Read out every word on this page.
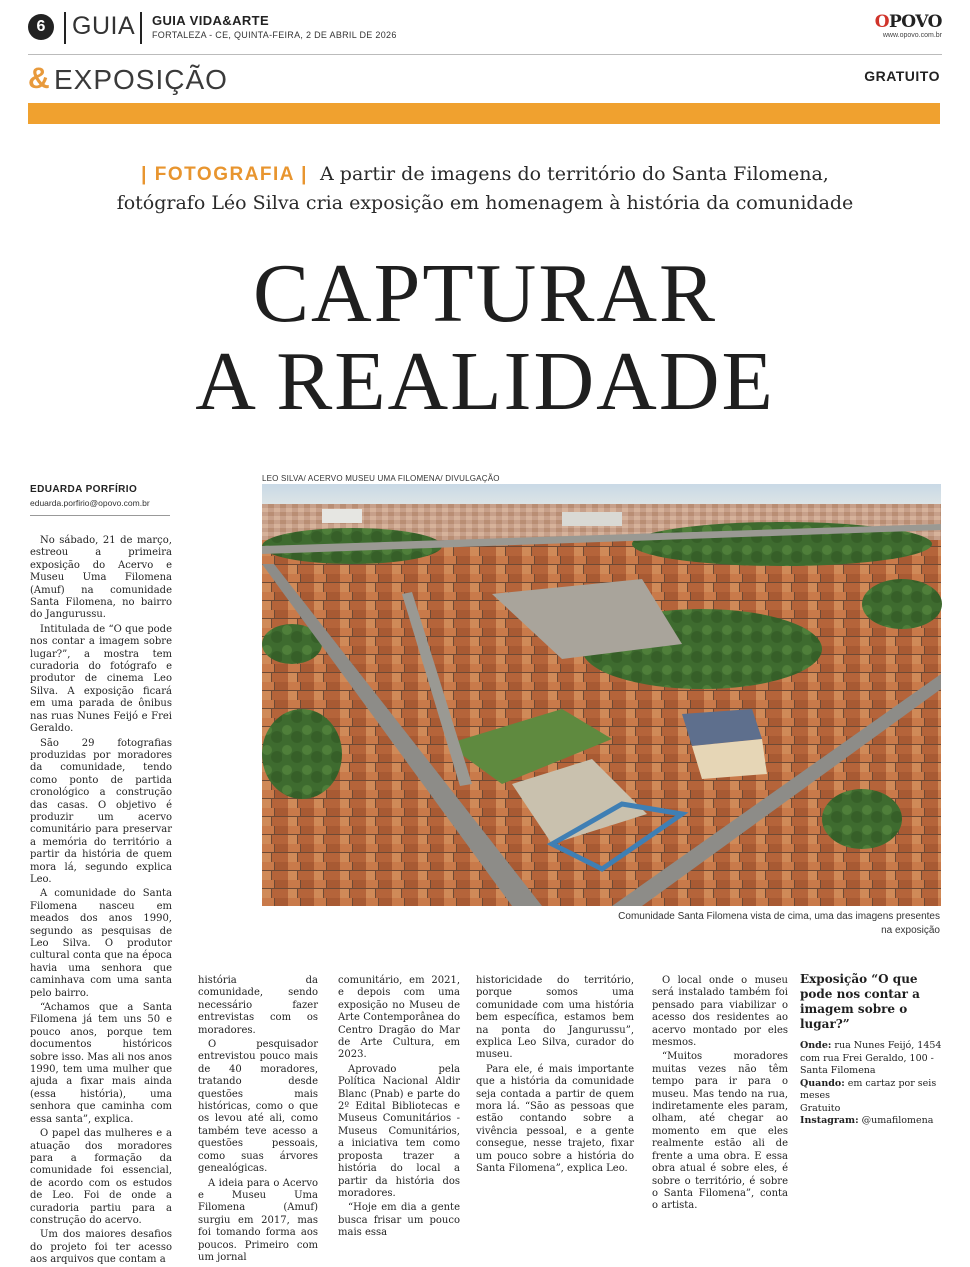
6	GUIA GUIA VIDA&ARTE
FORTALEZA - CE, QUINTA-FEIRA, 2 DE ABRIL DE 2026
OPOVO
www.opovo.com.br
& EXPOSIÇÃO	GRATUITO
| FOTOGRAFIA | A partir de imagens do território do Santa Filomena,
fotógrafo Léo Silva cria exposição em homenagem à história da comunidade
CAPTURAR
A REALIDADE
EDUARDA PORFÍRIO
eduarda.porfirio@opovo.com.br
LEO SILVA/ ACERVO MUSEU UMA FILOMENA/ DIVULGAÇÃO
Comunidade Santa Filomena vista de cima, uma das imagens presentes na exposição

No sábado, 21 de março, estreou a primeira exposição do Acervo e Museu Uma Filomena (Amuf) na comunidade Santa Filomena, no bairro do Jangurussu.

Intitulada de “O que pode nos contar a imagem sobre lugar?”, a mostra tem curadoria do fotógrafo e produtor de cinema Leo Silva. A exposição ficará em uma parada de ônibus nas ruas Nunes Feijó e Frei Geraldo.

São 29 fotografias produzidas por moradores da comunidade, tendo como ponto de partida cronológico a construção das casas. O objetivo é produzir um acervo comunitário para preservar a memória do território a partir da história de quem mora lá, segundo explica Leo.

A comunidade do Santa Filomena nasceu em meados dos anos 1990, segundo as pesquisas de Leo Silva. O produtor cultural conta que na época havia uma senhora que caminhava com uma santa pelo bairro.

“Achamos que a Santa Filomena já tem uns 50 e pouco anos, porque tem documentos históricos sobre isso. Mas ali nos anos 1990, tem uma mulher que ajuda a fixar mais ainda (essa história), uma senhora que caminha com essa santa”, explica.

O papel das mulheres e a atuação dos moradores para a formação da comunidade foi essencial, de acordo com os estudos de Leo. Foi de onde a curadoria partiu para a construção do acervo.

Um dos maiores desafios do projeto foi ter acesso aos arquivos que contam a

história da comunidade, sendo necessário fazer entrevistas com os moradores.

O pesquisador entrevistou pouco mais de 40 moradores, tratando desde questões mais históricas, como o que os levou até ali, como também teve acesso a questões pessoais, como suas árvores genealógicas.

A ideia para o Acervo e Museu Uma Filomena (Amuf) surgiu em 2017, mas foi tomando forma aos poucos. Primeiro com um jornal

comunitário, em 2021, e depois com uma exposição no Museu de Arte Contemporânea do Centro Dragão do Mar de Arte Cultura, em 2023.

Aprovado pela Política Nacional Aldir Blanc (Pnab) e parte do 2º Edital Bibliotecas e Museus Comunitários - Museus Comunitários, a iniciativa tem como proposta trazer a história do local a partir da história dos moradores.

“Hoje em dia a gente busca frisar um pouco mais essa

historicidade do território, porque somos uma comunidade com uma história bem específica, estamos bem na ponta do Jangurussu”, explica Leo Silva, curador do museu.

Para ele, é mais importante que a história da comunidade seja contada a partir de quem mora lá. “São as pessoas que estão contando sobre a vivência pessoal, e a gente consegue, nesse trajeto, fixar um pouco sobre a história do Santa Filomena”, explica Leo.

O local onde o museu será instalado também foi pensado para viabilizar o acesso dos residentes ao acervo montado por eles mesmos.

“Muitos moradores muitas vezes não têm tempo para ir para o museu. Mas tendo na rua, indiretamente eles param, olham, até chegar ao momento em que eles realmente estão ali de frente a uma obra. E essa obra atual é sobre eles, é sobre o território, é sobre o Santa Filomena”, conta o artista.

Exposição “O que pode nos contar a imagem sobre o lugar?”
Onde: rua Nunes Feijó, 1454 com rua Frei Geraldo, 100 - Santa Filomena
Quando: em cartaz por seis meses
Gratuito
Instagram: @umafilomena
